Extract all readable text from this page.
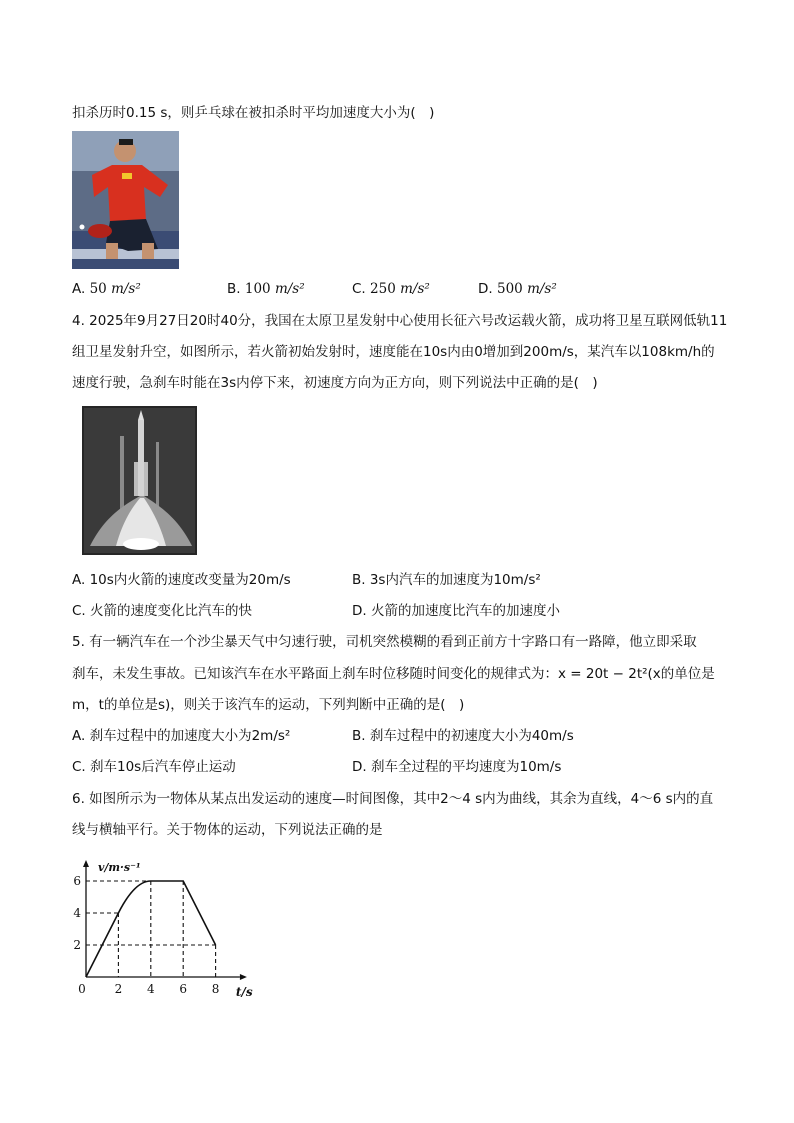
扣杀历时0.15 s，则乒乓球在被扣杀时平均加速度大小为(　)
A. 50 m/s²	B. 100 m/s²	C. 250 m/s²	D. 500 m/s²
4. 2025年9月27日20时40分，我国在太原卫星发射中心使用长征六号改运载火箭，成功将卫星互联网低轨11
组卫星发射升空，如图所示，若火箭初始发射时，速度能在10s内由0增加到200m/s，某汽车以108km/h的
速度行驶，急刹车时能在3s内停下来，初速度方向为正方向，则下列说法中正确的是(　)
A. 10s内火箭的速度改变量为20m/s	B. 3s内汽车的加速度为10m/s²
C. 火箭的速度变化比汽车的快	D. 火箭的加速度比汽车的加速度小
5. 有一辆汽车在一个沙尘暴天气中匀速行驶，司机突然模糊的看到正前方十字路口有一路障，他立即采取
刹车，未发生事故。已知该汽车在水平路面上刹车时位移随时间变化的规律式为：x = 20t − 2t²(x的单位是
m，t的单位是s)，则关于该汽车的运动，下列判断中正确的是(　)
A. 刹车过程中的加速度大小为2m/s²	B. 刹车过程中的初速度大小为40m/s
C. 刹车10s后汽车停止运动	D. 刹车全过程的平均速度为10m/s
6. 如图所示为一物体从某点出发运动的速度—时间图像，其中2～4 s内为曲线，其余为直线，4～6 s内的直
线与横轴平行。关于物体的运动，下列说法正确的是
0 2 4 6 8
2
4
6
v/m·s⁻¹
t/s
